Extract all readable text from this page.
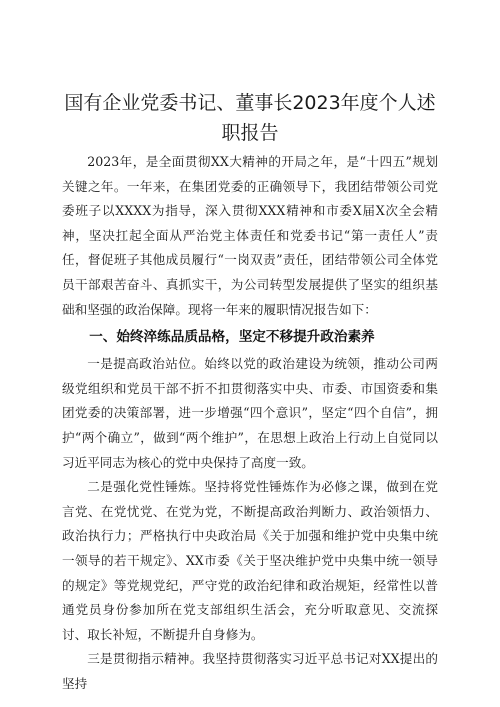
国有企业党委书记、董事长2023年度个人述职报告

2023年，是全面贯彻XX大精神的开局之年，是“十四五”规划关键之年。一年来，在集团党委的正确领导下，我团结带领公司党委班子以XXXX为指导，深入贯彻XXX精神和市委X届X次全会精神，坚决扛起全面从严治党主体责任和党委书记“第一责任人”责任，督促班子其他成员履行“一岗双责”责任，团结带领公司全体党员干部艰苦奋斗、真抓实干，为公司转型发展提供了坚实的组织基础和坚强的政治保障。现将一年来的履职情况报告如下：

一、始终淬练品质品格，坚定不移提升政治素养

一是提高政治站位。始终以党的政治建设为统领，推动公司两级党组织和党员干部不折不扣贯彻落实中央、市委、市国资委和集团党委的决策部署，进一步增强“四个意识”，坚定“四个自信”，拥护“两个确立”，做到“两个维护”，在思想上政治上行动上自觉同以习近平同志为核心的党中央保持了高度一致。

二是强化党性锤炼。坚持将党性锤炼作为必修之课，做到在党言党、在党忧党、在党为党，不断提高政治判断力、政治领悟力、政治执行力；严格执行中央政治局《关于加强和维护党中央集中统一领导的若干规定》、XX市委《关于坚决维护党中央集中统一领导的规定》等党规党纪，严守党的政治纪律和政治规矩，经常性以普通党员身份参加所在党支部组织生活会，充分听取意见、交流探讨、取长补短，不断提升自身修为。

三是贯彻指示精神。我坚持贯彻落实习近平总书记对XX提出的坚持
